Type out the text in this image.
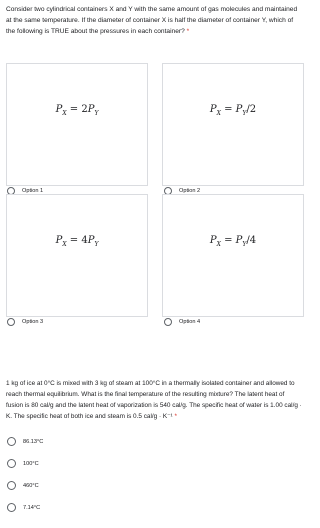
Consider two cylindrical containers X and Y with the same amount of gas molecules and maintained at the same temperature. If the diameter of container X is half the diameter of container Y, which of the following is TRUE about the pressures in each container? *
$P_X = 2P_Y$
Option 1
$P_X = P_Y/2$
Option 2
$P_X = 4P_Y$
Option 3
$P_X = P_Y/4$
Option 4
1 kg of ice at 0°C is mixed with 3 kg of steam at 100°C in a thermally isolated container and allowed to reach thermal equilibrium. What is the final temperature of the resulting mixture? The latent heat of fusion is 80 cal/g and the latent heat of vaporization is 540 cal/g. The specific heat of water is 1.00 cal/g · K. The specific heat of both ice and steam is 0.5 cal/g · K⁻¹ *
86.13°C
100°C
460°C
7.14°C
